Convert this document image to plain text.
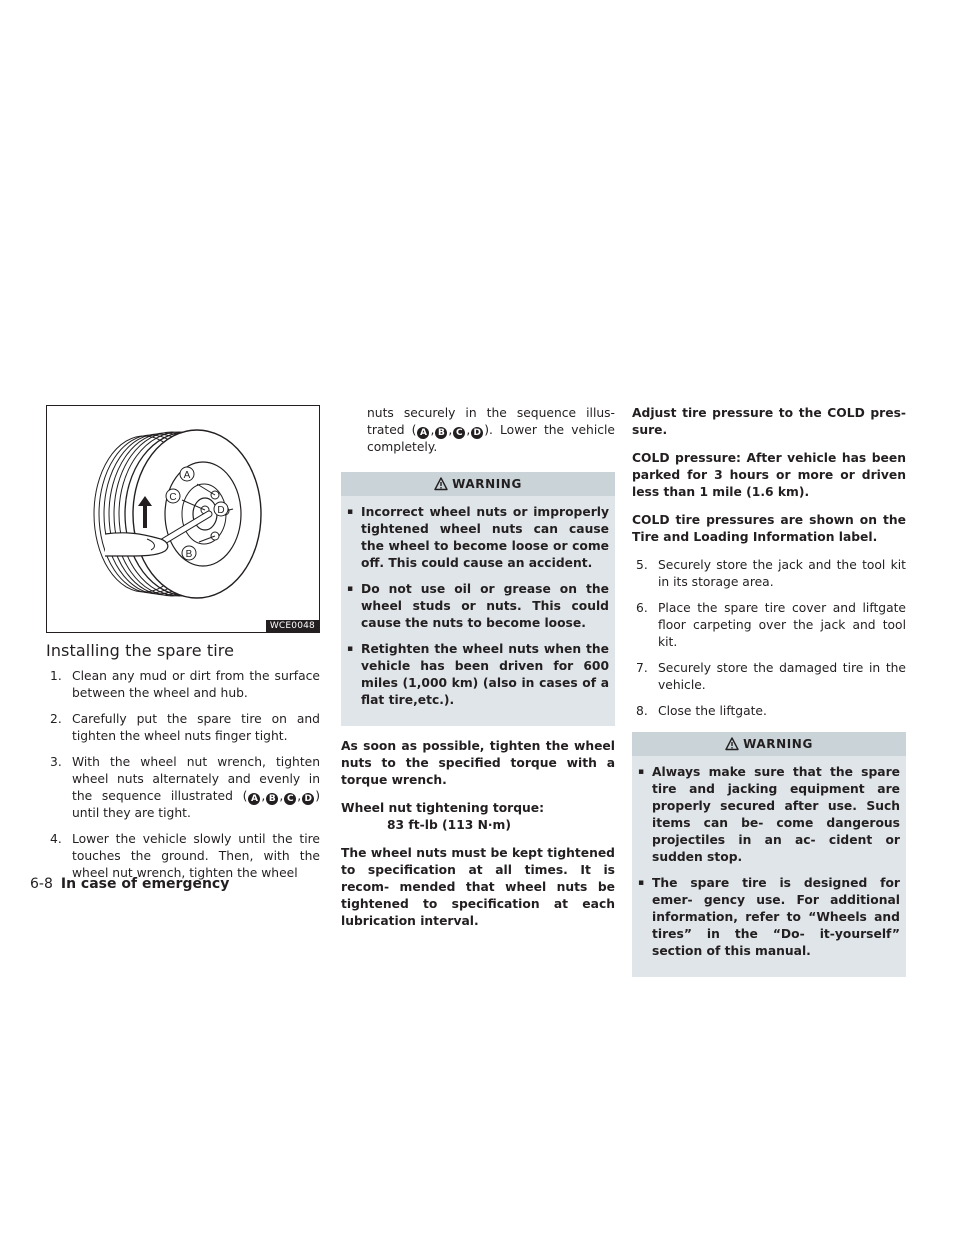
A
C
D
B
WCE0048
Installing the spare tire
1. Clean any mud or dirt from the surface between the wheel and hub.
2. Carefully put the spare tire on and tighten the wheel nuts finger tight.
3. With the wheel nut wrench, tighten wheel nuts alternately and evenly in the sequence illustrated ( A , B , C , D ) until they are tight.
4. Lower the vehicle slowly until the tire touches the ground. Then, with the wheel nut wrench, tighten the wheel

nuts securely in the sequence illus- trated ( A , B , C , D ). Lower the vehicle completely.

WARNING
▪ Incorrect wheel nuts or improperly tightened wheel nuts can cause the wheel to become loose or come off. This could cause an accident.
▪ Do not use oil or grease on the wheel studs or nuts. This could cause the nuts to become loose.
▪ Retighten the wheel nuts when the vehicle has been driven for 600 miles (1,000 km) (also in cases of a flat tire,etc.).

As soon as possible, tighten the wheel nuts to the specified torque with a torque wrench.

Wheel nut tightening torque:

83 ft-lb (113 N·m)

The wheel nuts must be kept tightened to specification at all times. It is recom- mended that wheel nuts be tightened to specification at each lubrication interval.

Adjust tire pressure to the COLD pres- sure.

COLD pressure: After vehicle has been parked for 3 hours or more or driven less than 1 mile (1.6 km).

COLD tire pressures are shown on the Tire and Loading Information label.

5. Securely store the jack and the tool kit in its storage area.
6. Place the spare tire cover and liftgate floor carpeting over the jack and tool kit.
7. Securely store the damaged tire in the vehicle.
8. Close the liftgate.
WARNING
▪ Always make sure that the spare tire and jacking equipment are properly secured after use. Such items can be- come dangerous projectiles in an ac- cident or sudden stop.
▪ The spare tire is designed for emer- gency use. For additional information, refer to “Wheels and tires” in the “Do- it-yourself” section of this manual.
6-8 In case of emergency
